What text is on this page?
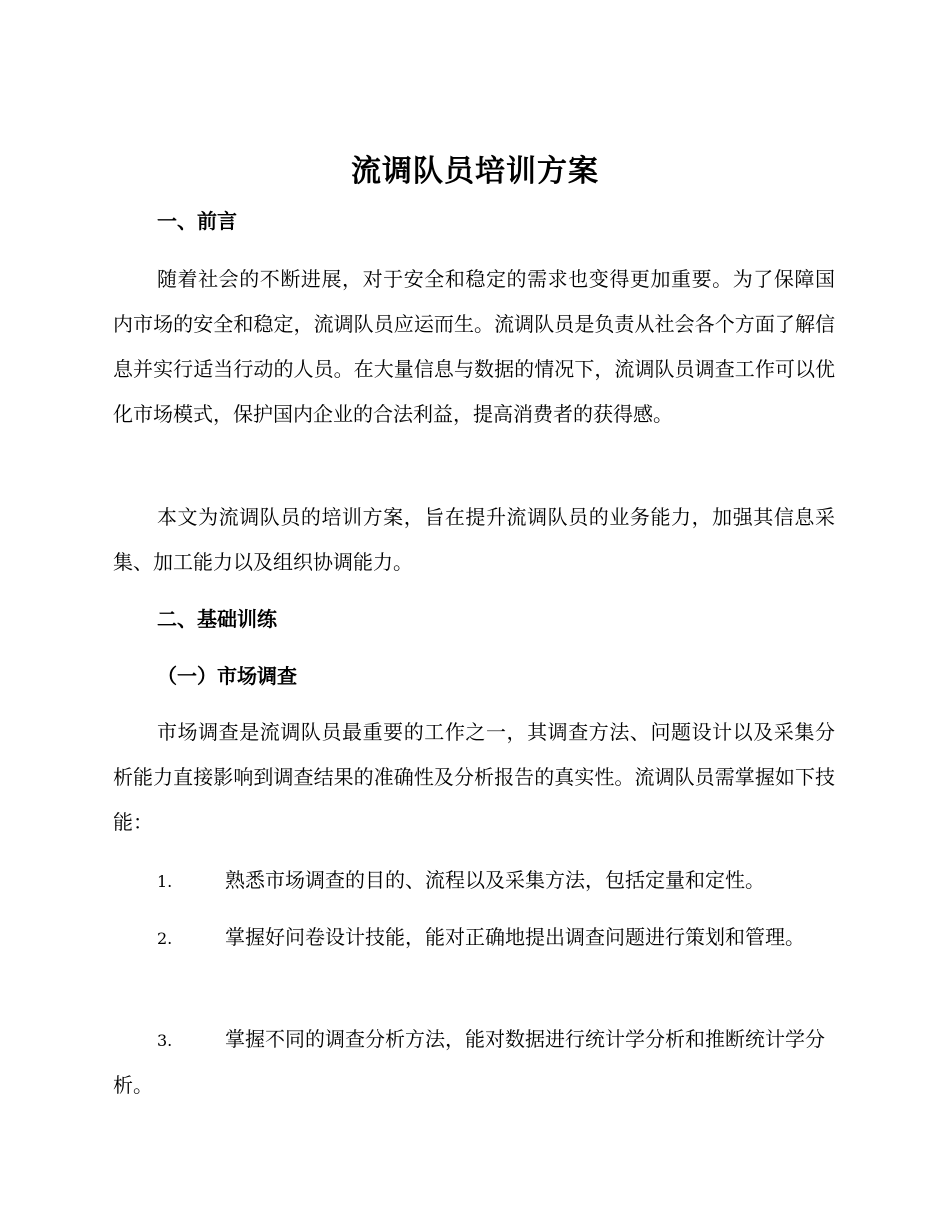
流调队员培训方案
一、前言

随着社会的不断进展，对于安全和稳定的需求也变得更加重要。为了保障国内市场的安全和稳定，流调队员应运而生。流调队员是负责从社会各个方面了解信息并实行适当行动的人员。在大量信息与数据的情况下，流调队员调查工作可以优化市场模式，保护国内企业的合法利益，提高消费者的获得感。

本文为流调队员的培训方案，旨在提升流调队员的业务能力，加强其信息采集、加工能力以及组织协调能力。

二、基础训练
（一）市场调查

市场调查是流调队员最重要的工作之一，其调查方法、问题设计以及采集分析能力直接影响到调查结果的准确性及分析报告的真实性。流调队员需掌握如下技能：

1.	熟悉市场调查的目的、流程以及采集方法，包括定量和定性。

2.	掌握好问卷设计技能，能对正确地提出调查问题进行策划和管理。

3.	掌握不同的调查分析方法，能对数据进行统计学分析和推断统计学分析。
